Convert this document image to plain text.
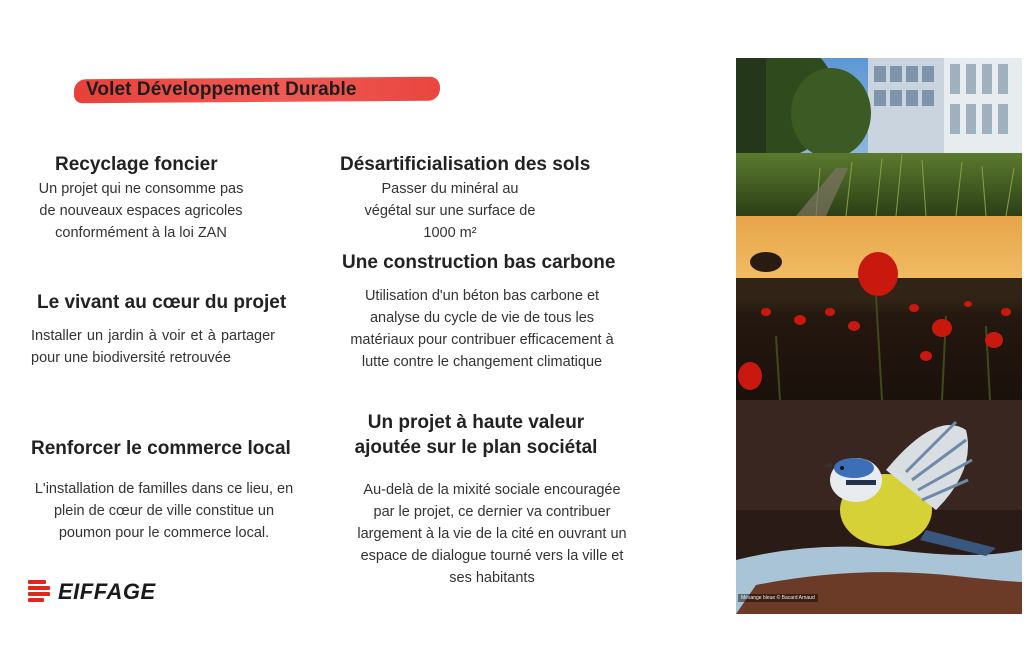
Volet Développement Durable
Recyclage foncier
Un projet qui ne consomme pas de nouveaux espaces agricoles conformément à la loi ZAN
Le vivant au cœur du projet
Installer un jardin à voir et à partager pour une biodiversité retrouvée
Renforcer le commerce local
L'installation de familles dans ce lieu, en plein de cœur de ville constitue un poumon pour le commerce local.
Désartificialisation des sols
Passer du minéral au végétal sur une surface de 1000 m²
Une construction bas carbone
Utilisation d'un béton bas carbone et analyse du cycle de vie de tous les matériaux pour contribuer efficacement à lutte contre le changement climatique
Un projet à haute valeur ajoutée sur le plan sociétal
Au-delà de la mixité sociale encouragée par le projet, ce dernier va contribuer largement à la vie de la cité en ouvrant un espace de dialogue tourné vers la ville et ses habitants
EIFFAGE	Mésange bleue © Bacard Arnaud
